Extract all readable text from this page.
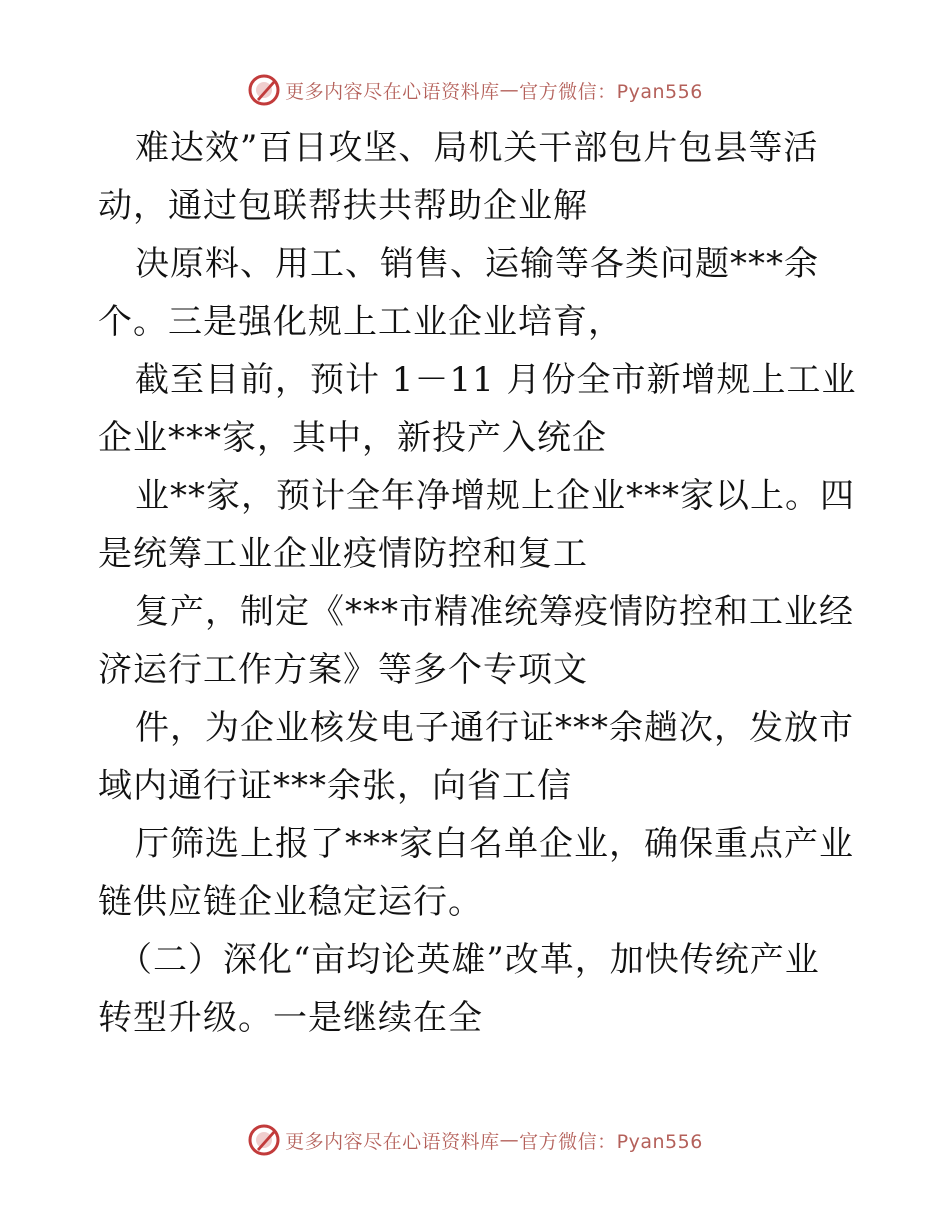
更多内容尽在心语资料库 — 官方微信：Pyan556
难达效”百日攻坚、局机关干部包片包县等活
动，通过包联帮扶共帮助企业解
决原料、用工、销售、运输等各类问题***余
个。三是强化规上工业企业培育，
截至目前，预计 1－11 月份全市新增规上工业
企业***家，其中，新投产入统企
业**家，预计全年净增规上企业***家以上。四
是统筹工业企业疫情防控和复工
复产，制定《***市精准统筹疫情防控和工业经
济运行工作方案》等多个专项文
件，为企业核发电子通行证***余趟次，发放市
域内通行证***余张，向省工信
厅筛选上报了***家白名单企业，确保重点产业
链供应链企业稳定运行。
（二）深化“亩均论英雄”改革，加快传统产业
转型升级。一是继续在全
更多内容尽在心语资料库 — 官方微信：Pyan556
